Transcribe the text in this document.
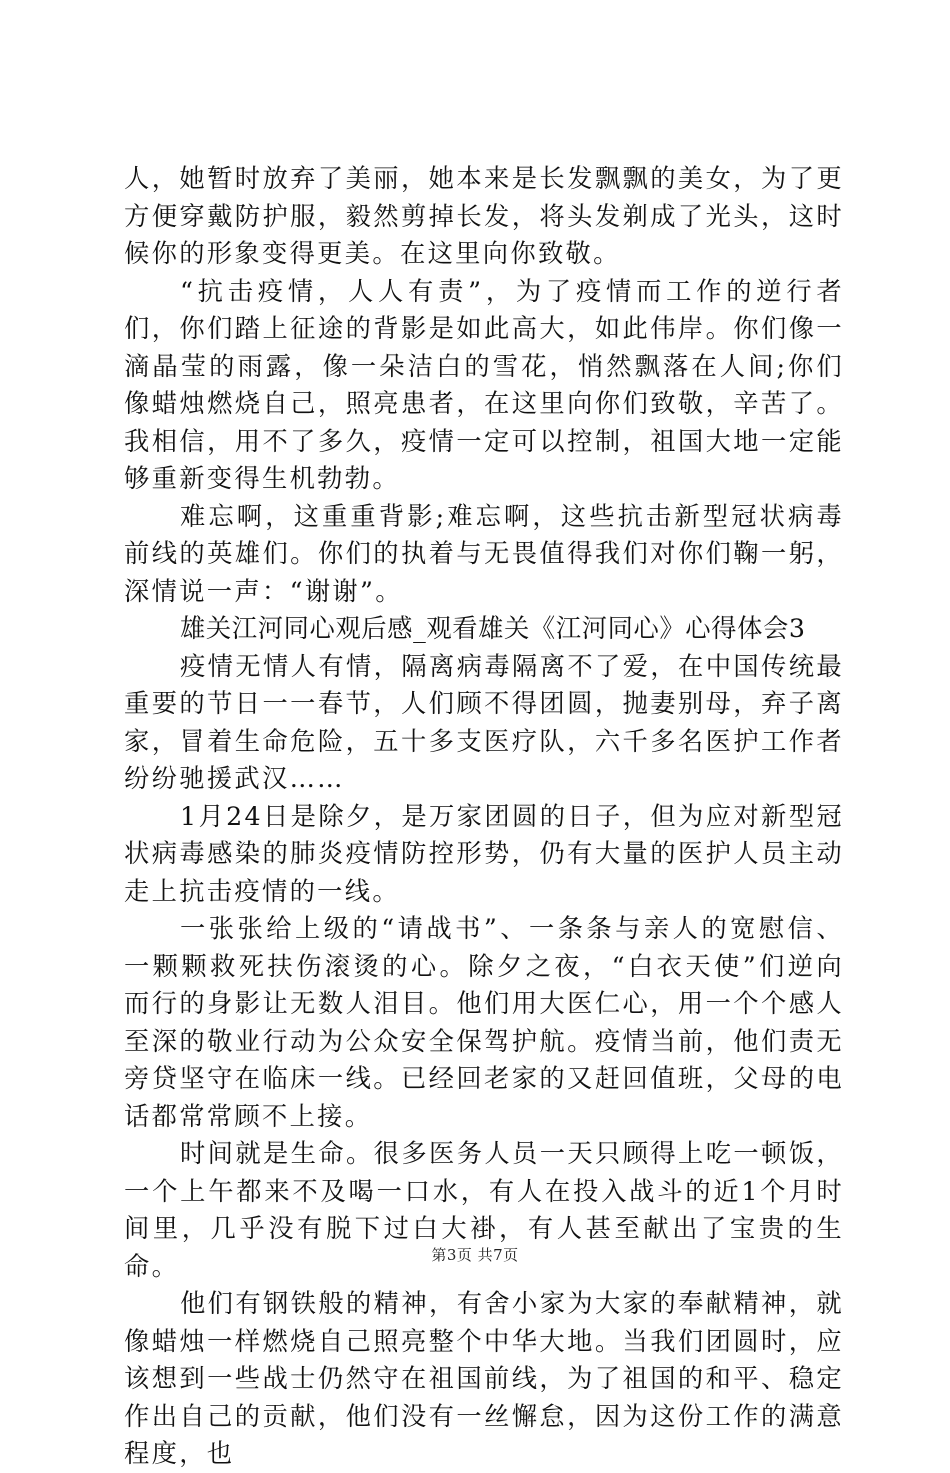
人，她暂时放弃了美丽，她本来是长发飘飘的美女，为了更方便穿戴防护服，毅然剪掉长发，将头发剃成了光头，这时候你的形象变得更美。在这里向你致敬。

“抗击疫情，人人有责”，为了疫情而工作的逆行者们，你们踏上征途的背影是如此高大，如此伟岸。你们像一滴晶莹的雨露，像一朵洁白的雪花，悄然飘落在人间;你们像蜡烛燃烧自己，照亮患者，在这里向你们致敬，辛苦了。我相信，用不了多久，疫情一定可以控制，祖国大地一定能够重新变得生机勃勃。

难忘啊，这重重背影;难忘啊，这些抗击新型冠状病毒前线的英雄们。你们的执着与无畏值得我们对你们鞠一躬，深情说一声：“谢谢”。

雄关江河同心观后感_观看雄关《江河同心》心得体会3

疫情无情人有情，隔离病毒隔离不了爱，在中国传统最重要的节日一一春节，人们顾不得团圆，抛妻别母，弃子离家，冒着生命危险，五十多支医疗队，六千多名医护工作者纷纷驰援武汉……

1月24日是除夕，是万家团圆的日子，但为应对新型冠状病毒感染的肺炎疫情防控形势，仍有大量的医护人员主动走上抗击疫情的一线。

一张张给上级的“请战书”、一条条与亲人的宽慰信、一颗颗救死扶伤滚烫的心。除夕之夜，“白衣天使”们逆向而行的身影让无数人泪目。他们用大医仁心，用一个个感人至深的敬业行动为公众安全保驾护航。疫情当前，他们责无旁贷坚守在临床一线。已经回老家的又赶回值班，父母的电话都常常顾不上接。

时间就是生命。很多医务人员一天只顾得上吃一顿饭，一个上午都来不及喝一口水，有人在投入战斗的近1个月时间里，几乎没有脱下过白大褂，有人甚至献出了宝贵的生命。

他们有钢铁般的精神，有舍小家为大家的奉献精神，就像蜡烛一样燃烧自己照亮整个中华大地。当我们团圆时，应该想到一些战士仍然守在祖国前线，为了祖国的和平、稳定作出自己的贡献，他们没有一丝懈怠，因为这份工作的满意程度，也

第3页 共7页
